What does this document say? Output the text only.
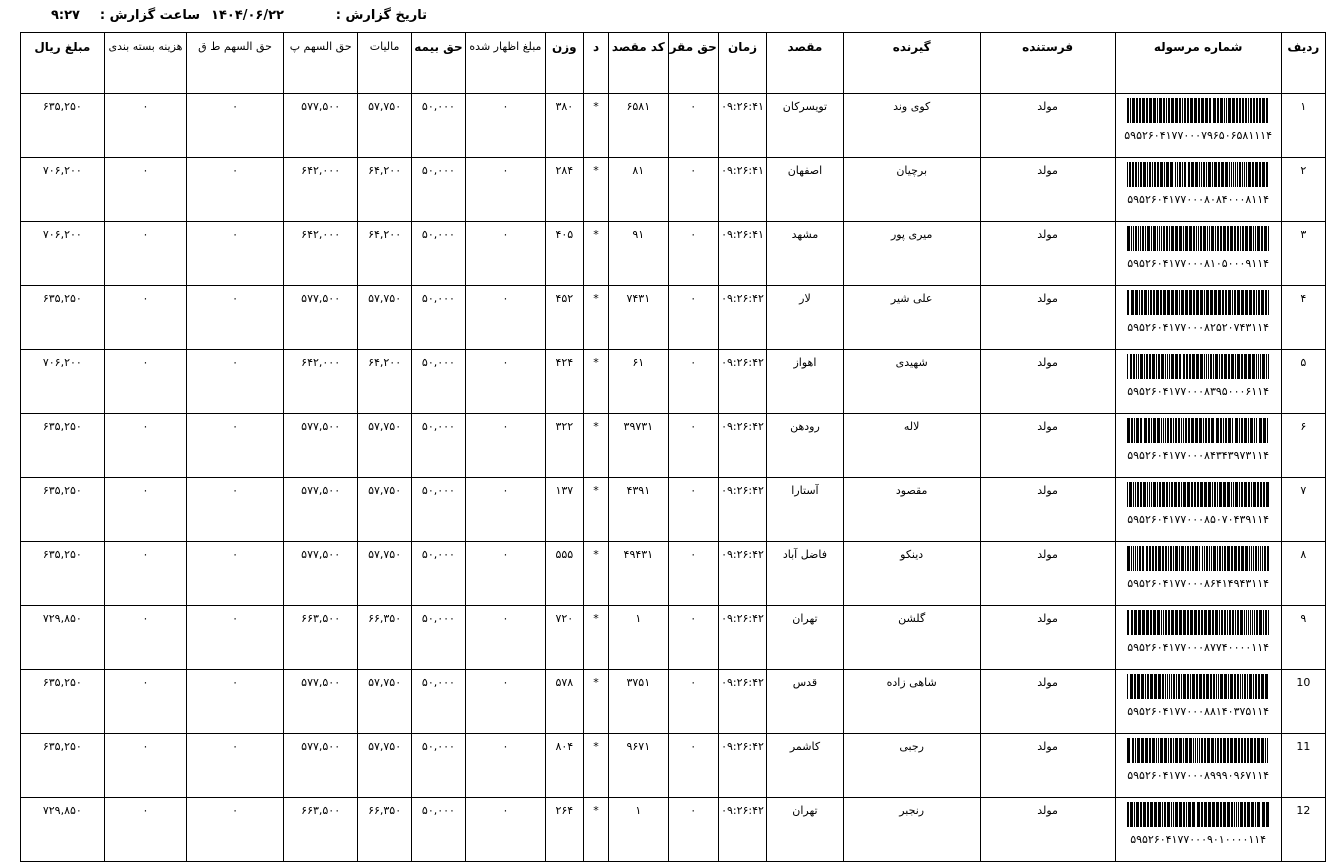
تاریخ گزارش :
۱۴۰۴/۰۶/۲۲
ساعت گزارش :
۹:۲۷
ردیف	شماره مرسوله	فرستنده	گیرنده	مقصد	زمان	حق مقر	کد مقصد	د	وزن	مبلغ اظهار شده	حق بیمه	مالیات	حق السهم پ	حق السهم ط ق	هزینه بسته بندی	مبلغ ریال
۱	۵۹۵۲۶۰۴۱۷۷۰۰۰۷۹۶۵۰۶۵۸۱۱۱۴	مولد	کوی وند	تویسرکان	۰۹:۲۶:۴۱	۰	۶۵۸۱	*	۳۸۰	۰	۵۰,۰۰۰	۵۷,۷۵۰	۵۷۷,۵۰۰	۰	۰	۶۳۵,۲۵۰
۲	۵۹۵۲۶۰۴۱۷۷۰۰۰۸۰۸۴۰۰۰۸۱۱۴	مولد	برچیان	اصفهان	۰۹:۲۶:۴۱	۰	۸۱	*	۲۸۴	۰	۵۰,۰۰۰	۶۴,۲۰۰	۶۴۲,۰۰۰	۰	۰	۷۰۶,۲۰۰
۳	۵۹۵۲۶۰۴۱۷۷۰۰۰۸۱۰۵۰۰۰۹۱۱۴	مولد	میری پور	مشهد	۰۹:۲۶:۴۱	۰	۹۱	*	۴۰۵	۰	۵۰,۰۰۰	۶۴,۲۰۰	۶۴۲,۰۰۰	۰	۰	۷۰۶,۲۰۰
۴	۵۹۵۲۶۰۴۱۷۷۰۰۰۸۲۵۲۰۷۴۳۱۱۴	مولد	علی شیر	لار	۰۹:۲۶:۴۲	۰	۷۴۳۱	*	۴۵۲	۰	۵۰,۰۰۰	۵۷,۷۵۰	۵۷۷,۵۰۰	۰	۰	۶۳۵,۲۵۰
۵	۵۹۵۲۶۰۴۱۷۷۰۰۰۸۳۹۵۰۰۰۶۱۱۴	مولد	شهیدی	اهواز	۰۹:۲۶:۴۲	۰	۶۱	*	۴۲۴	۰	۵۰,۰۰۰	۶۴,۲۰۰	۶۴۲,۰۰۰	۰	۰	۷۰۶,۲۰۰
۶	۵۹۵۲۶۰۴۱۷۷۰۰۰۸۴۳۴۳۹۷۳۱۱۴	مولد	لاله	رودهن	۰۹:۲۶:۴۲	۰	۳۹۷۳۱	*	۳۲۲	۰	۵۰,۰۰۰	۵۷,۷۵۰	۵۷۷,۵۰۰	۰	۰	۶۳۵,۲۵۰
۷	۵۹۵۲۶۰۴۱۷۷۰۰۰۸۵۰۷۰۴۳۹۱۱۴	مولد	مقصود	آستارا	۰۹:۲۶:۴۲	۰	۴۳۹۱	*	۱۳۷	۰	۵۰,۰۰۰	۵۷,۷۵۰	۵۷۷,۵۰۰	۰	۰	۶۳۵,۲۵۰
۸	۵۹۵۲۶۰۴۱۷۷۰۰۰۸۶۴۱۴۹۴۳۱۱۴	مولد	دینکو	فاضل آباد	۰۹:۲۶:۴۲	۰	۴۹۴۳۱	*	۵۵۵	۰	۵۰,۰۰۰	۵۷,۷۵۰	۵۷۷,۵۰۰	۰	۰	۶۳۵,۲۵۰
۹	۵۹۵۲۶۰۴۱۷۷۰۰۰۸۷۷۴۰۰۰۰۱۱۴	مولد	گلشن	تهران	۰۹:۲۶:۴۲	۰	۱	*	۷۲۰	۰	۵۰,۰۰۰	۶۶,۳۵۰	۶۶۳,۵۰۰	۰	۰	۷۲۹,۸۵۰
10	۵۹۵۲۶۰۴۱۷۷۰۰۰۸۸۱۴۰۳۷۵۱۱۴	مولد	شاهی زاده	قدس	۰۹:۲۶:۴۲	۰	۳۷۵۱	*	۵۷۸	۰	۵۰,۰۰۰	۵۷,۷۵۰	۵۷۷,۵۰۰	۰	۰	۶۳۵,۲۵۰
11	۵۹۵۲۶۰۴۱۷۷۰۰۰۸۹۹۹۰۹۶۷۱۱۴	مولد	رجبی	کاشمر	۰۹:۲۶:۴۲	۰	۹۶۷۱	*	۸۰۴	۰	۵۰,۰۰۰	۵۷,۷۵۰	۵۷۷,۵۰۰	۰	۰	۶۳۵,۲۵۰
12	۵۹۵۲۶۰۴۱۷۷۰۰۰۹۰۱۰۰۰۰۱۱۴	مولد	رنجبر	تهران	۰۹:۲۶:۴۲	۰	۱	*	۲۶۴	۰	۵۰,۰۰۰	۶۶,۳۵۰	۶۶۳,۵۰۰	۰	۰	۷۲۹,۸۵۰
